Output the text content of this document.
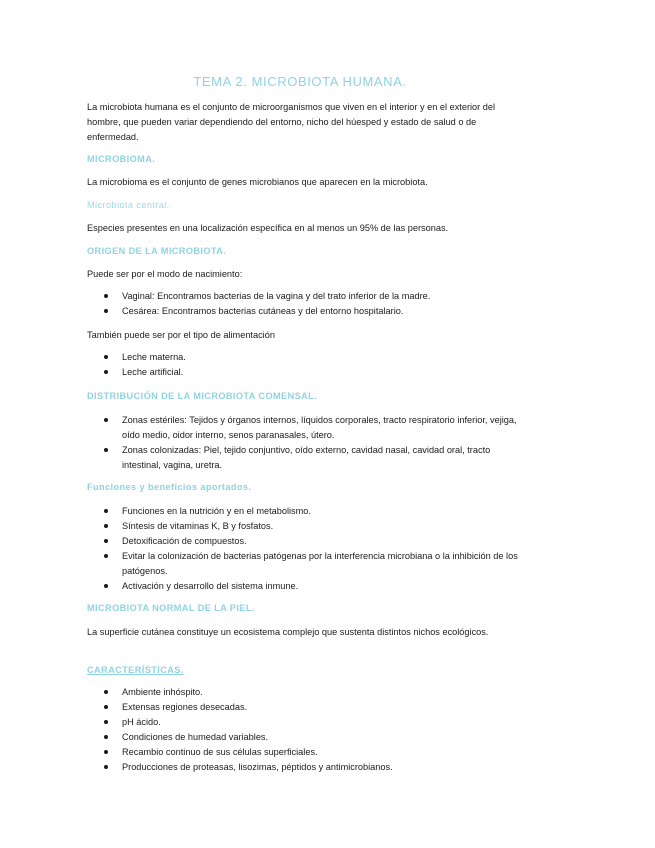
TEMA 2. MICROBIOTA HUMANA.

La microbiota humana es el conjunto de microorganismos que viven en el interior y en el exterior del hombre, que pueden variar dependiendo del entorno, nicho del húesped y estado de salud o de enfermedad.

MICROBIOMA.

La microbioma es el conjunto de genes microbianos que aparecen en la microbiota.

Microbiota central.

Especies presentes en una localización específica en al menos un 95% de las personas.

ORIGEN DE LA MICROBIOTA.

Puede ser por el modo de nacimiento:

Vaginal: Encontramos bacterias de la vagina y del trato inferior de la madre.
Cesárea: Encontramos bacterias cutáneas y del entorno hospitalario.

También puede ser por el tipo de alimentación

Leche materna.
Leche artificial.
DISTRIBUCIÓN DE LA MICROBIOTA COMENSAL.
Zonas estériles: Tejidos y órganos internos, líquidos corporales, tracto respiratorio inferior, vejiga, oído medio, oidor interno, senos paranasales, útero.
Zonas colonizadas: Piel, tejido conjuntivo, oído externo, cavidad nasal, cavidad oral, tracto intestinal, vagina, uretra.
Funciones y beneficios aportados.
Funciones en la nutrición y en el metabolismo.
Síntesis de vitaminas K, B y fosfatos.
Detoxificación de compuestos.
Evitar la colonización de bacterias patógenas por la interferencia microbiana o la inhibición de los patógenos.
Activación y desarrollo del sistema inmune.
MICROBIOTA NORMAL DE LA PIEL.

La superficie cutánea constituye un ecosistema complejo que sustenta distintos nichos ecológicos.

CARACTERÍSTICAS.
Ambiente inhóspito.
Extensas regiones desecadas.
pH ácido.
Condiciones de humedad variables.
Recambio continuo de sus células superficiales.
Producciones de proteasas, lisozimas, péptidos y antimicrobianos.
